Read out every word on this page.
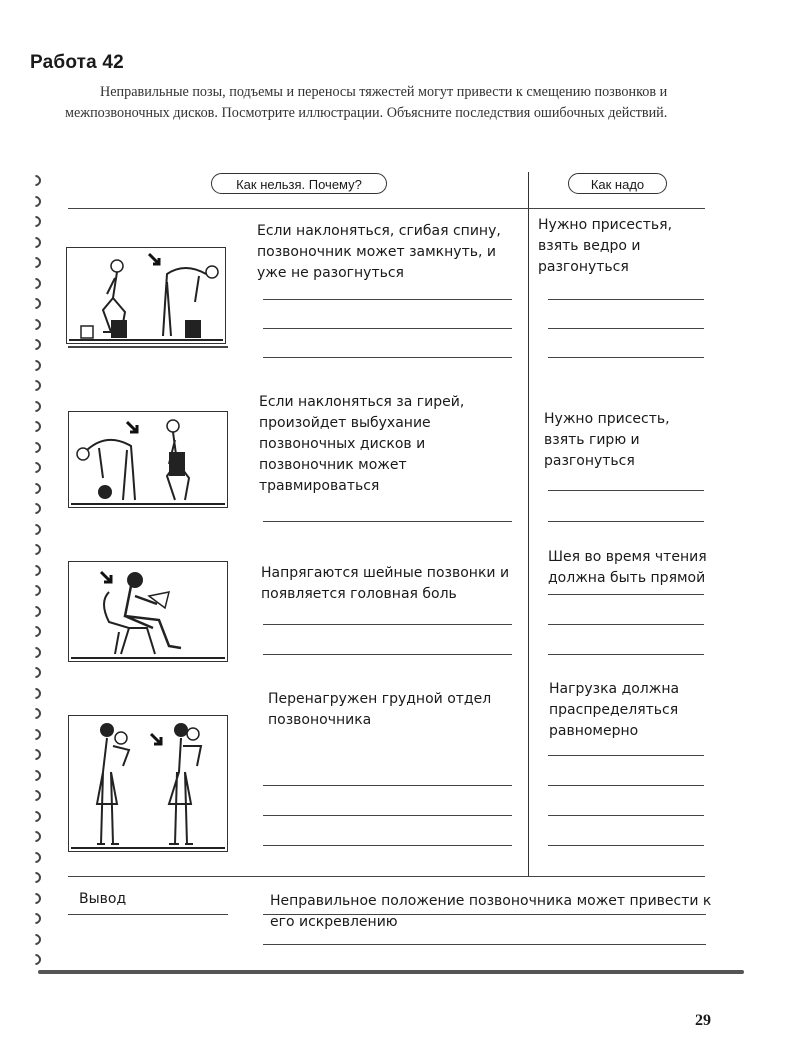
Работа 42
Неправильные позы, подъемы и переносы тяжестей могут привести к смещению позвонков и межпозвоночных дисков. Посмотрите иллюстрации. Объясните последствия ошибочных действий.
Как нельзя. Почему?	Как надо
Если наклоняться, сгибая спину, позвоночник может замкнуть, и уже не разогнуться
Нужно присестья, взять ведро и разгонуться
Если наклоняться за гирей, произойдет выбухание позвоночных дисков и позвоночник может травмироваться
Нужно присесть, взять гирю и разгонуться
Напрягаются шейные позвонки и появляется головная боль
Шея во время чтения должна быть прямой
Перенагружен грудной отдел позвоночника
Нагрузка должна праспределяться равномерно
Вывод	Неправильное положение позвоночника может привести к его искревлению
29
